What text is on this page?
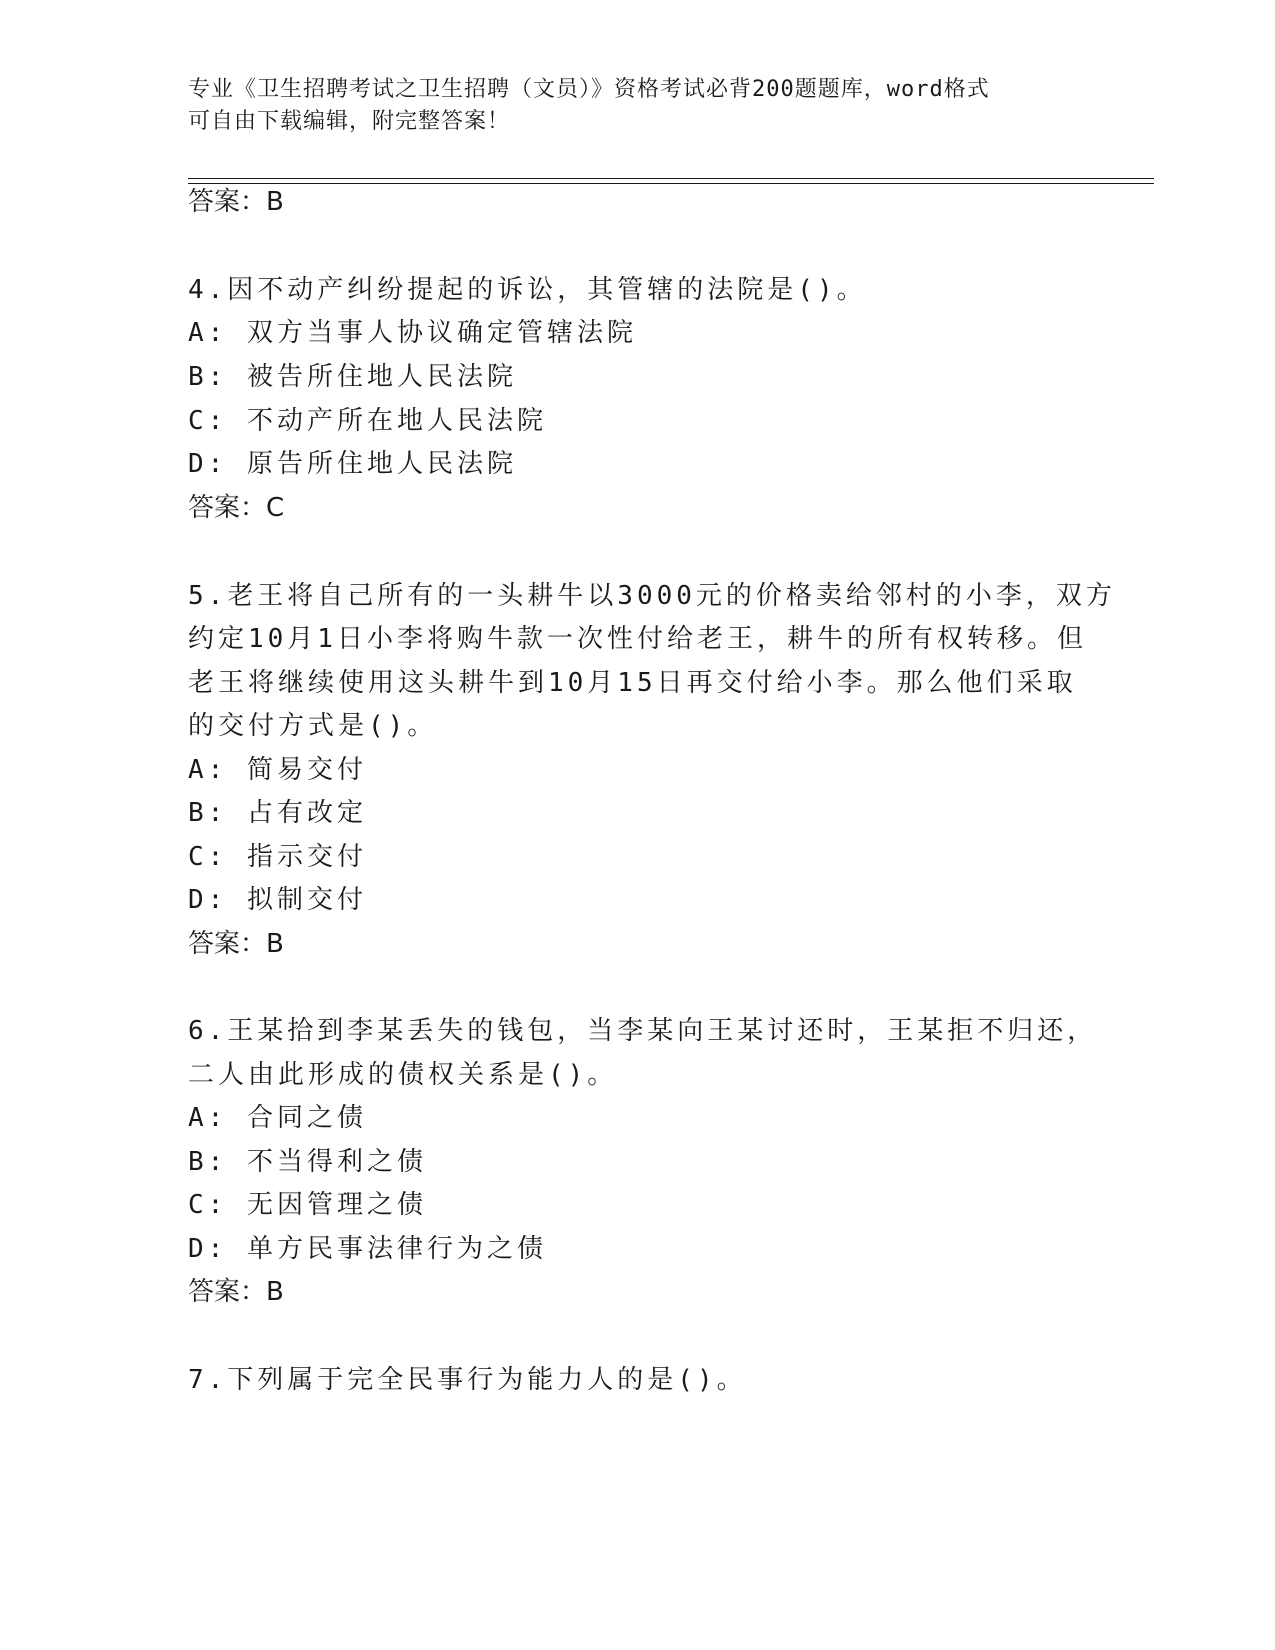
专业《卫生招聘考试之卫生招聘（文员）》资格考试必背200题题库，word格式
可自由下载编辑，附完整答案！
答案：B
4.因不动产纠纷提起的诉讼，其管辖的法院是()。
A: 双方当事人协议确定管辖法院
B: 被告所住地人民法院
C: 不动产所在地人民法院
D: 原告所住地人民法院
答案：C
5.老王将自己所有的一头耕牛以3000元的价格卖给邻村的小李，双方
约定10月1日小李将购牛款一次性付给老王，耕牛的所有权转移。但
老王将继续使用这头耕牛到10月15日再交付给小李。那么他们采取
的交付方式是()。
A: 简易交付
B: 占有改定
C: 指示交付
D: 拟制交付
答案：B
6.王某拾到李某丢失的钱包，当李某向王某讨还时，王某拒不归还，
二人由此形成的债权关系是()。
A: 合同之债
B: 不当得利之债
C: 无因管理之债
D: 单方民事法律行为之债
答案：B
7.下列属于完全民事行为能力人的是()。
